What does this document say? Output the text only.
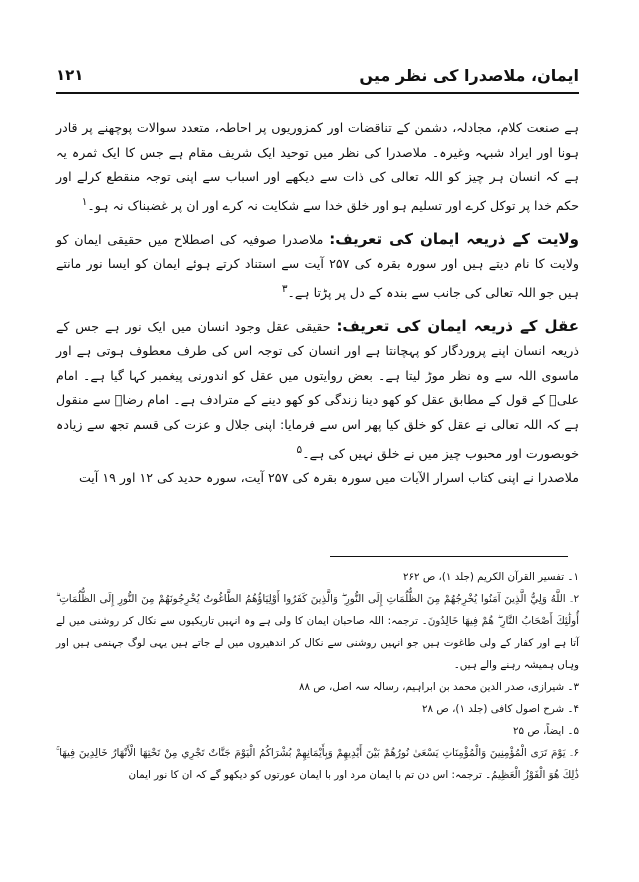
ایمان، ملاصدرا کی نظر میں
۱۲۱

ہے صنعت کلام، مجادلہ، دشمن کے تناقضات اور کمزوریوں پر احاطہ، متعدد سوالات پوچھنے پر قادر ہونا اور ایراد شبہہ وغیرہ۔ ملاصدرا کی نظر میں توحید ایک شریف مقام ہے جس کا ایک ثمرہ یہ ہے کہ انسان ہر چیز کو اللہ تعالی کی ذات سے دیکھے اور اسباب سے اپنی توجہ منقطع کرلے اور حکم خدا پر توکل کرے اور تسلیم ہو اور خلق خدا سے شکایت نہ کرے اور ان پر غضبناک نہ ہو۔$^۱$

ولایت کے ذریعہ ایمان کی تعریف: ملاصدرا صوفیہ کی اصطلاح میں حقیقی ایمان کو ولایت کا نام دیتے ہیں اور سورہ بقرہ کی ۲۵۷ آیت سے استناد کرتے ہوئے ایمان کو ایسا نور مانتے ہیں جو اللہ تعالی کی جانب سے بندہ کے دل پر پڑتا ہے۔$^۳$

عقل کے ذریعہ ایمان کی تعریف: حقیقی عقل وجود انسان میں ایک نور ہے جس کے ذریعہ انسان اپنے پروردگار کو پہچانتا ہے اور انسان کی توجہ اس کی طرف معطوف ہوتی ہے اور ماسوی اللہ سے وہ نظر موڑ لیتا ہے۔ بعض روایتوں میں عقل کو اندورنی پیغمبر کہا گیا ہے۔ امام علیؑ کے قول کے مطابق عقل کو کھو دینا زندگی کو کھو دینے کے مترادف ہے۔ امام رضاؑ سے منقول ہے کہ اللہ تعالی نے عقل کو خلق کیا پھر اس سے فرمایا: اپنی جلال و عزت کی قسم تجھ سے زیادہ خوبصورت اور محبوب چیز میں نے خلق نہیں کی ہے۔$^۵$

ملاصدرا نے اپنی کتاب اسرار الآیات میں سورہ بقرہ کی ۲۵۷ آیت، سورہ حدید کی ۱۲ اور ۱۹ آیت

۱۔ تفسیر القرآن الکریم (جلد ۱)، ص ۲۶۲
۲۔ اللَّهُ وَلِيُّ الَّذِينَ آمَنُوا يُخْرِجُهُمْ مِنَ الظُّلُمَاتِ إِلَى النُّورِ ۖ وَالَّذِينَ كَفَرُوا أَوْلِيَاؤُهُمُ الطَّاغُوتُ يُخْرِجُونَهُمْ مِنَ النُّورِ إِلَى الظُّلُمَاتِ ۗ أُولَٰئِكَ أَصْحَابُ النَّارِ ۖ هُمْ فِيهَا خَالِدُونَ۔ ترجمہ: اللہ صاحبان ایمان کا ولی ہے وہ انہیں تاریکیوں سے نکال کر روشنی میں لے آتا ہے اور کفار کے ولی طاغوت ہیں جو انہیں روشنی سے نکال کر اندھیروں میں لے جاتے ہیں یہی لوگ جہنمی ہیں اور وہاں ہمیشہ رہنے والے ہیں۔
۳۔ شیرازی، صدر الدین محمد بن ابراہیم، رسالہ سہ اصل، ص ۸۸
۴۔ شرح اصول کافی (جلد ۱)، ص ۲۸
۵۔ ایضاً، ص ۲۵
۶۔ يَوْمَ تَرَى الْمُؤْمِنِينَ وَالْمُؤْمِنَاتِ يَسْعَىٰ نُورُهُمْ بَيْنَ أَيْدِيهِمْ وَبِأَيْمَانِهِمْ بُشْرَاكُمُ الْيَوْمَ جَنَّاتٌ تَجْرِي مِنْ تَحْتِهَا الْأَنْهَارُ خَالِدِينَ فِيهَا ۚ ذَٰلِكَ هُوَ الْفَوْزُ الْعَظِيمُ۔ ترجمہ: اس دن تم با ایمان مرد اور با ایمان عورتوں کو دیکھو گے کہ ان کا نور ایمان
